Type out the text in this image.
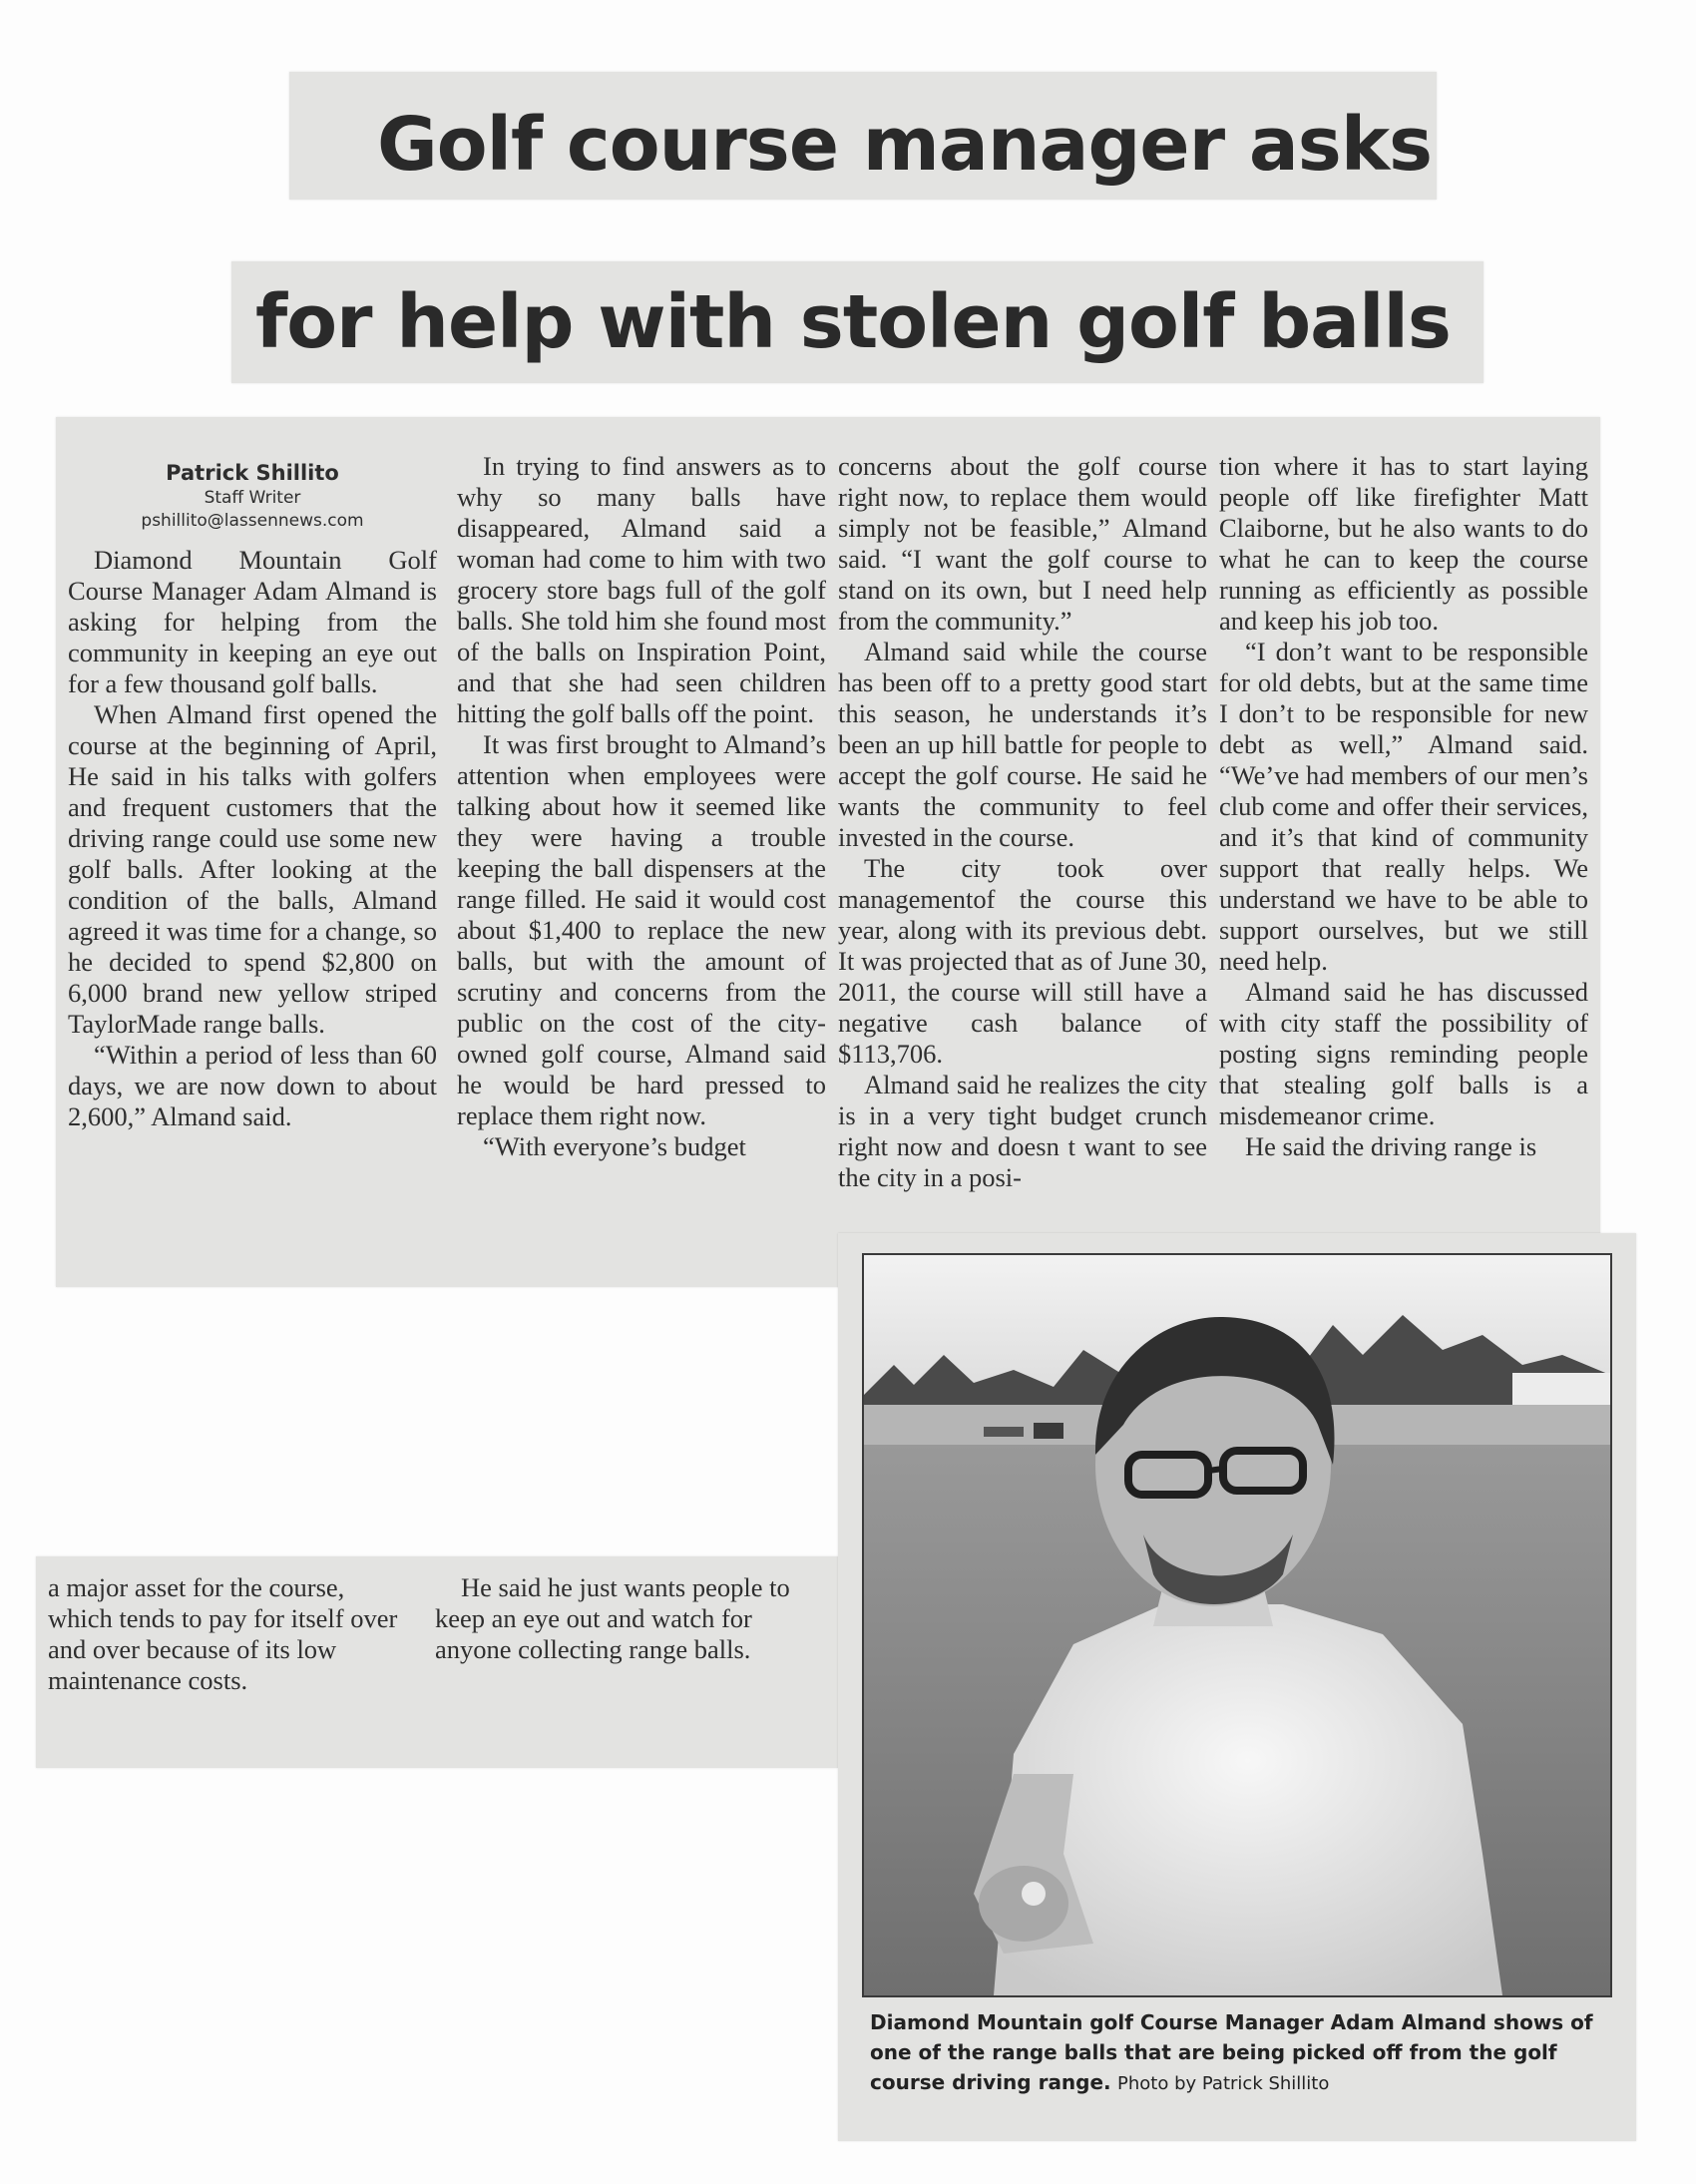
Golf course manager asks
for help with stolen golf balls
Patrick Shillito
Staff Writer
pshillito@lassennews.com

Diamond Mountain Golf Course Manager Adam Almand is asking for helping from the community in keeping an eye out for a few thousand golf balls.

When Almand first opened the course at the beginning of April, He said in his talks with golfers and frequent customers that the driving range could use some new golf balls. After looking at the condition of the balls, Almand agreed it was time for a change, so he decided to spend $2,800 on 6,000 brand new yellow striped TaylorMade range balls.

“Within a period of less than 60 days, we are now down to about 2,600,” Almand said.

In trying to find answers as to why so many balls have disappeared, Almand said a woman had come to him with two grocery store bags full of the golf balls. She told him she found most of the balls on Inspiration Point, and that she had seen children hitting the golf balls off the point.

It was first brought to Almand’s attention when employees were talking about how it seemed like they were having a trouble keeping the ball dispensers at the range filled. He said it would cost about $1,400 to replace the new balls, but with the amount of scrutiny and concerns from the public on the cost of the city-owned golf course, Almand said he would be hard pressed to replace them right now.

“With everyone’s budget

concerns about the golf course right now, to replace them would simply not be feasible,” Almand said. “I want the golf course to stand on its own, but I need help from the community.”

Almand said while the course has been off to a pretty good start this season, he understands it’s been an up hill battle for people to accept the golf course. He said he wants the community to feel invested in the course.

The city took over managementof the course this year, along with its previous debt. It was projected that as of June 30, 2011, the course will still have a negative cash balance of $113,706.

Almand said he realizes the city is in a very tight budget crunch right now and doesn t want to see the city in a posi-

tion where it has to start laying people off like firefighter Matt Claiborne, but he also wants to do what he can to keep the course running as efficiently as possible and keep his job too.

“I don’t want to be responsible for old debts, but at the same time I don’t to be responsible for new debt as well,” Almand said. “We’ve had members of our men’s club come and offer their services, and it’s that kind of community support that really helps. We understand we have to be able to support ourselves, but we still need help.

Almand said he has discussed with city staff the possibility of posting signs reminding people that stealing golf balls is a misdemeanor crime.

He said the driving range is

a major asset for the course, which tends to pay for itself over and over because of its low maintenance costs.

He said he just wants people to keep an eye out and watch for anyone collecting range balls.

Diamond Mountain golf Course Manager Adam Almand shows of one of the range balls that are being picked off from the golf course driving range. Photo by Patrick Shillito
